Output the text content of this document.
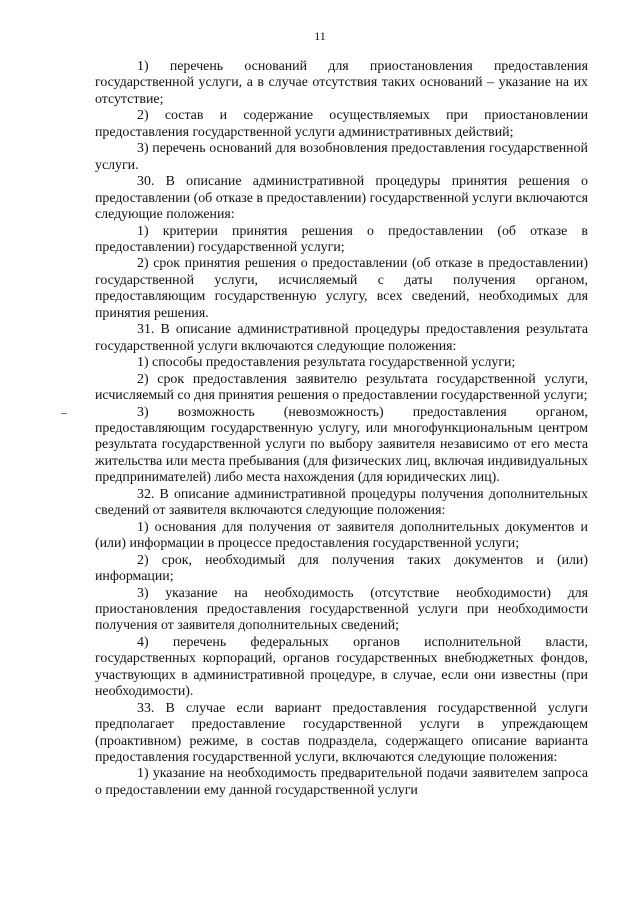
11

1) перечень оснований для приостановления предоставления государственной услуги, а в случае отсутствия таких оснований – указание на их отсутствие;

2) состав и содержание осуществляемых при приостановлении предоставления государственной услуги административных действий;

3) перечень оснований для возобновления предоставления государственной услуги.

30. В описание административной процедуры принятия решения о предоставлении (об отказе в предоставлении) государственной услуги включаются следующие положения:

1) критерии принятия решения о предоставлении (об отказе в предоставлении) государственной услуги;

2) срок принятия решения о предоставлении (об отказе в предоставлении) государственной услуги, исчисляемый с даты получения органом, предоставляющим государственную услугу, всех сведений, необходимых для принятия решения.

31. В описание административной процедуры предоставления результата государственной услуги включаются следующие положения:

1) способы предоставления результата государственной услуги;

2) срок предоставления заявителю результата государственной услуги, исчисляемый со дня принятия решения о предоставлении государственной услуги;

3) возможность (невозможность) предоставления органом, предоставляющим государственную услугу, или многофункциональным центром результата государственной услуги по выбору заявителя независимо от его места жительства или места пребывания (для физических лиц, включая индивидуальных предпринимателей) либо места нахождения (для юридических лиц).

32. В описание административной процедуры получения дополнительных сведений от заявителя включаются следующие положения:

1) основания для получения от заявителя дополнительных документов и (или) информации в процессе предоставления государственной услуги;

2) срок, необходимый для получения таких документов и (или) информации;

3) указание на необходимость (отсутствие необходимости) для приостановления предоставления государственной услуги при необходимости получения от заявителя дополнительных сведений;

4) перечень федеральных органов исполнительной власти, государственных корпораций, органов государственных внебюджетных фондов, участвующих в административной процедуре, в случае, если они известны (при необходимости).

33. В случае если вариант предоставления государственной услуги предполагает предоставление государственной услуги в упреждающем (проактивном) режиме, в состав подраздела, содержащего описание варианта предоставления государственной услуги, включаются следующие положения:

1) указание на необходимость предварительной подачи заявителем запроса о предоставлении ему данной государственной услуги
